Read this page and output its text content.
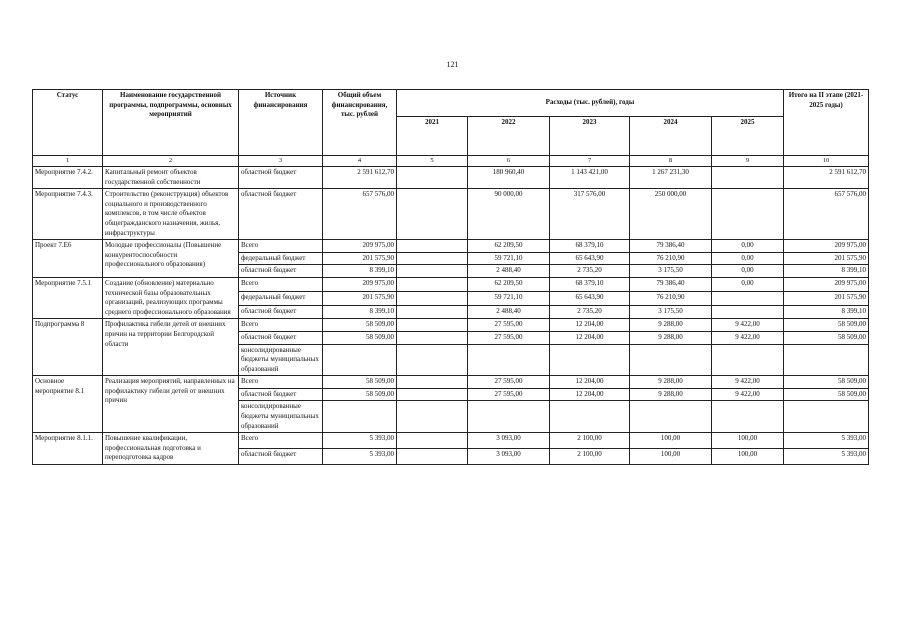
121
Статус	Наименование государственной программы, подпрограммы, основных мероприятий	Источник финансирования	Общий объем финансирования, тыс. рублей	Расходы (тыс. рублей), годы					Итого на II этапе (2021-2025 годы)
				2021	2022	2023	2024	2025	
1	2	3	4	5	6	7	8	9	10
Мероприятие 7.4.2.	Капитальный ремонт объектов государственной собственности	областной бюджет	2 591 612,70		180 960,40	1 143 421,00	1 267 231,30		2 591 612,70
Мероприятие 7.4.3.	Строительство (реконструкция) объектов социального и производственного комплексов, в том числе объектов общегражданского назначения, жилья, инфраструктуры	областной бюджет	657 576,00		90 000,00	317 576,00	250 000,00		657 576,00
Проект 7.Е6	Молодые профессионалы (Повышение конкурентоспособности профессионального образования)	Всего	209 975,00		62 209,50	68 379,10	79 386,40	0,00	209 975,00
		федеральный бюджет	201 575,90		59 721,10	65 643,90	76 210,90	0,00	201 575,90
		областной бюджет	8 399,10		2 488,40	2 735,20	3 175,50	0,00	8 399,10
Мероприятие 7.5.1	Создание (обновление) материально технической базы образовательных организаций, реализующих программы среднего профессионального образования	Всего	209 975,00		62 209,50	68 379,10	79 386,40	0,00	209 975,00
		федеральный бюджет	201 575,90		59 721,10	65 643,90	76 210,90		201 575,90
		областной бюджет	8 399,10		2 488,40	2 735,20	3 175,50		8 399,10
Подпрограмма 8	Профилактика гибели детей от внешних причин на территории Белгородской области	Всего	58 509,00		27 595,00	12 204,00	9 288,00	9 422,00	58 509,00
		областной бюджет	58 509,00		27 595,00	12 204,00	9 288,00	9 422,00	58 509,00
		консолидированные бюджеты муниципальных образований							
Основное мероприятие 8.1	Реализация мероприятий, направленных на профилактику гибели детей от внешних причин	Всего	58 509,00		27 595,00	12 204,00	9 288,00	9 422,00	58 509,00
		областной бюджет	58 509,00		27 595,00	12 204,00	9 288,00	9 422,00	58 509,00
		консолидированные бюджеты муниципальных образований							
Мероприятие 8.1.1.	Повышение квалификации, профессиональная подготовка и переподготовка кадров	Всего	5 393,00		3 093,00	2 100,00	100,00	100,00	5 393,00
		областной бюджет	5 393,00		3 093,00	2 100,00	100,00	100,00	5 393,00
